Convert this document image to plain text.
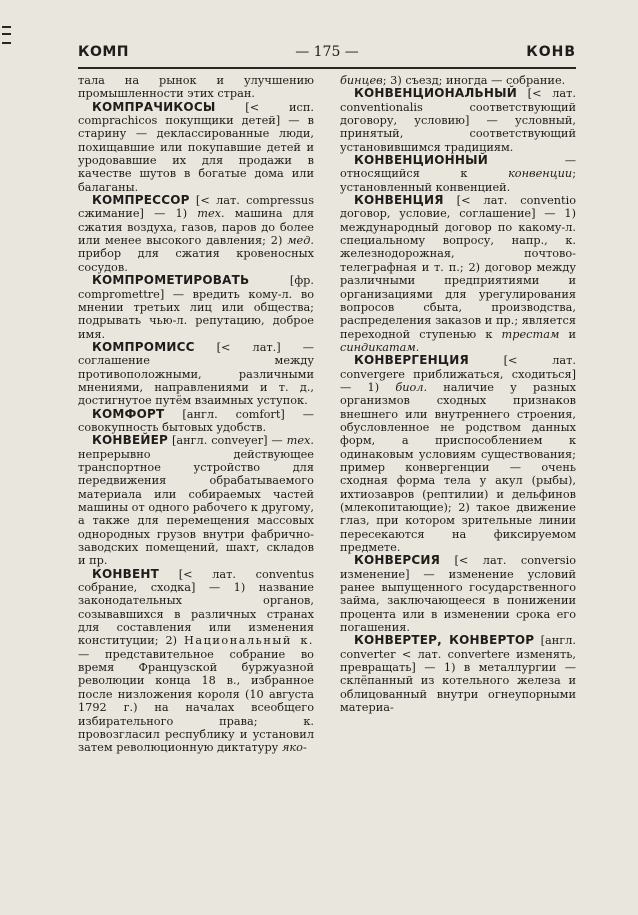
КОМП	— 175 —	КОНВ
тала на рынок и улучшению промышленности этих стран.
КОМПРАЧИКОСЫ [< исп. comprachicos покупщики детей] — в старину — деклассированные люди, похищавшие или покупавшие детей и уродовавшие их для продажи в качестве шутов в богатые дома или балаганы.
КОМПРЕССОР [< лат. compressus сжимание] — 1) тех. машина для сжатия воздуха, газов, паров до более или менее высокого давления; 2) мед. прибор для сжатия кровеносных сосудов.
КОМПРОМЕТИРОВАТЬ [фр. compromettre] — вредить кому-л. во мнении третьих лиц или общества; подрывать чью-л. репутацию, доброе имя.
КОМПРОМИСС [< лат.] — соглашение между противоположными, различными мнениями, направлениями и т. д., достигнутое путём взаимных уступок.
КОМФОРТ [англ. comfort] — совокупность бытовых удобств.
КОНВЕЙЕР [англ. conveyer] — тех. непрерывно действующее транспортное устройство для передвижения обрабатываемого материала или собираемых частей машины от одного рабочего к другому, а также для перемещения массовых однородных грузов внутри фабрично-заводских помещений, шахт, складов и пр.
КОНВЕНТ [< лат. conventus собрание, сходка] — 1) название законодательных органов, созывавшихся в различных странах для составления или изменения конституции; 2) Национальный к. — представительное собрание во время Французской буржуазной революции конца 18 в., избранное после низложения короля (10 августа 1792 г.) на началах всеобщего избирательного права; к. провозгласил республику и установил затем революционную диктатуру яко-
бинцев; 3) съезд; иногда — собрание.
КОНВЕНЦИОНАЛЬНЫЙ [< лат. conventionalis соответствующий договору, условию] — условный, принятый, соответствующий установившимся традициям.
КОНВЕНЦИОННЫЙ — относящийся к конвенции; установленный конвенцией.
КОНВЕНЦИЯ [< лат. conventio договор, условие, соглашение] — 1) международный договор по какому-л. специальному вопросу, напр., к. железнодорожная, почтово-телеграфная и т. п.; 2) договор между различными предприятиями и организациями для урегулирования вопросов сбыта, производства, распределения заказов и пр.; является переходной ступенью к трестам и синдикатам.
КОНВЕРГЕНЦИЯ [< лат. convergere приближаться, сходиться] — 1) биол. наличие у разных организмов сходных признаков внешнего или внутреннего строения, обусловленное не родством данных форм, а приспособлением к одинаковым условиям существования; пример конвергенции — очень сходная форма тела у акул (рыбы), ихтиозавров (рептилии) и дельфинов (млекопитающие); 2) такое движение глаз, при котором зрительные линии пересекаются на фиксируемом предмете.
КОНВЕРСИЯ [< лат. conversio изменение] — изменение условий ранее выпущенного государственного займа, заключающееся в понижении процента или в изменении срока его погашения.
КОНВЕРТЕР, КОНВЕРТОР [англ. converter < лат. convertere изменять, превращать] — 1) в металлургии — склёпанный из котельного железа и облицованный внутри огнеупорными материа-
